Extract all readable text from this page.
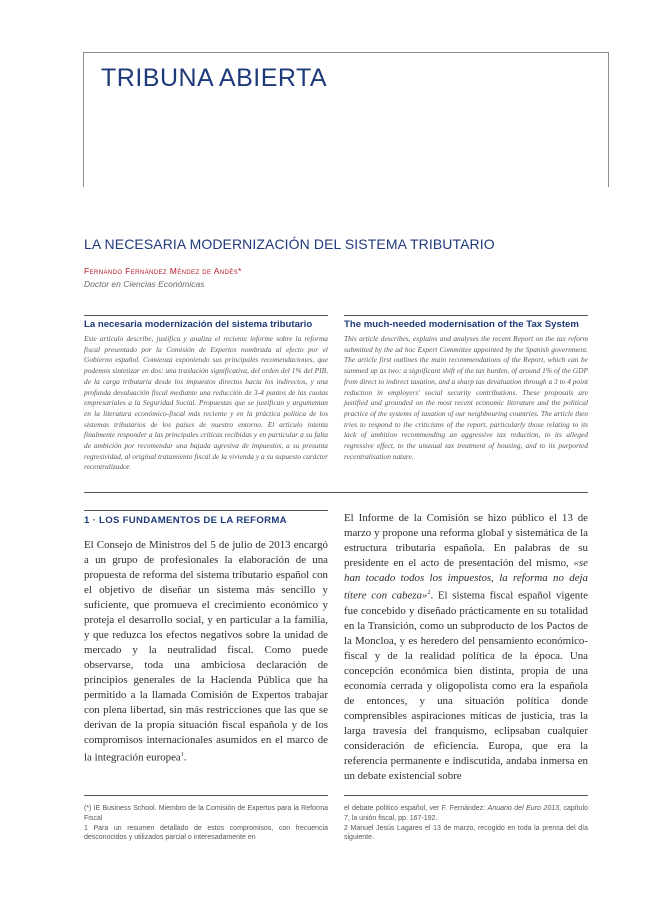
TRIBUNA ABIERTA
LA NECESARIA MODERNIZACIÓN DEL SISTEMA TRIBUTARIO
Fernando Fernández Méndez de Andés*
Doctor en Ciencias Económicas
La necesaria modernización del sistema tributario

Este artículo describe, justifica y analiza el reciente informe sobre la reforma fiscal presentado por la Comisión de Expertos nombrada al efecto por el Gobierno español. Comienza exponiendo sus principales recomendaciones, que podemos sintetizar en dos: una traslación significativa, del orden del 1% del PIB, de la carga tributaria desde los impuestos directos hacia los indirectos, y una profunda devaluación fiscal mediante una reducción de 3-4 puntos de las cuotas empresariales a la Seguridad Social. Propuestas que se justifican y argumentan en la literatura económico-fiscal más reciente y en la práctica política de los sistemas tributarios de los países de nuestro entorno. El artículo intenta finalmente responder a las principales críticas recibidas y en particular a su falta de ambición por recomendar una bajada agresiva de impuestos, a su presunta regresividad, al original tratamiento fiscal de la vivienda y a su supuesto carácter recentralizador.

The much-needed modernisation of the Tax System

This article describes, explains and analyses the recent Report on the tax reform submitted by the ad hoc Expert Committee appointed by the Spanish government. The article first outlines the main recommendations of the Report, which can be summed up as two: a significant shift of the tax burden, of around 1% of the GDP from direct to indirect taxation, and a sharp tax devaluation through a 3 to 4 point reduction in employers' social security contributions. These proposals are justified and grounded on the most recent economic literature and the political practice of the systems of taxation of our neighbouring countries. The article then tries to respond to the criticisms of the report, particularly those relating to its lack of ambition recommending an aggressive tax reduction, to its alleged regressive effect, to the unusual tax treatment of housing, and to its purported recentralisation nature.

1 · LOS FUNDAMENTOS DE LA REFORMA

El Consejo de Ministros del 5 de julio de 2013 encargó a un grupo de profesionales la elaboración de una propuesta de reforma del sistema tributario español con el objetivo de diseñar un sistema más sencillo y suficiente, que promueva el crecimiento económico y proteja el desarrollo social, y en particular a la familia, y que reduzca los efectos negativos sobre la unidad de mercado y la neutralidad fiscal. Como puede observarse, toda una ambiciosa declaración de principios generales de la Hacienda Pública que ha permitido a la llamada Comisión de Expertos trabajar con plena libertad, sin más restricciones que las que se derivan de la propia situación fiscal española y de los compromisos internacionales asumidos en el marco de la integración europea$^1$.

El Informe de la Comisión se hizo público el 13 de marzo y propone una reforma global y sistemática de la estructura tributaria española. En palabras de su presidente en el acto de presentación del mismo, «se han tocado todos los impuestos, la reforma no deja títere con cabeza»$^2$. El sistema fiscal español vigente fue concebido y diseñado prácticamente en su totalidad en la Transición, como un subproducto de los Pactos de la Moncloa, y es heredero del pensamiento económico-fiscal y de la realidad política de la época. Una concepción económica bien distinta, propia de una economía cerrada y oligopolista como era la española de entonces, y una situación política donde comprensibles aspiraciones míticas de justicia, tras la larga travesía del franquismo, eclipsaban cualquier consideración de eficiencia. Europa, que era la referencia permanente e indiscutida, andaba inmersa en un debate existencial sobre

(*) IE Business School. Miembro de la Comisión de Expertos para la Reforma Fiscal

1 Para un resumen detallado de estos compromisos, con frecuencia desconocidos y utilizados parcial o interesadamente en

el debate político español, ver F. Fernández: Anuario del Euro 2013, capítulo 7, la unión fiscal, pp. 167-192.

2 Manuel Jesús Lagares el 13 de marzo, recogido en toda la prensa del día siguiente.
